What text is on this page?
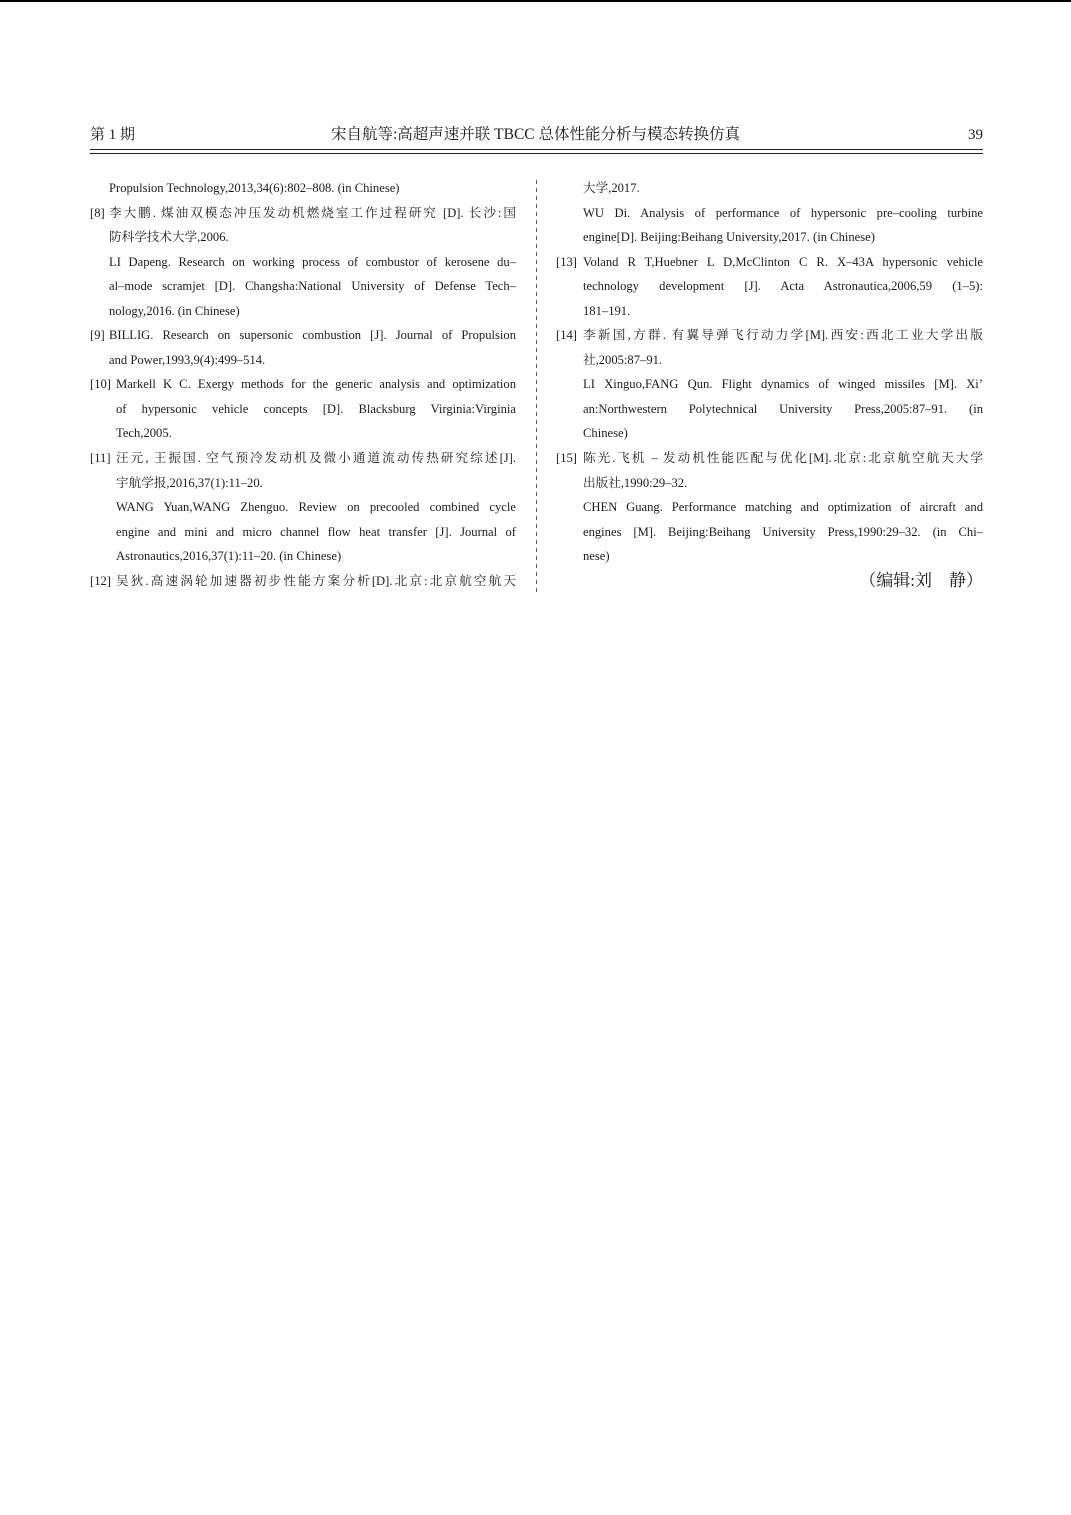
第 1 期	宋自航等:高超声速并联 TBCC 总体性能分析与模态转换仿真	39
Propulsion Technology,2013,34(6):802–808. (in Chinese)
[8] 李大鹏. 煤油双模态冲压发动机燃烧室工作过程研究 [D]. 长沙:国
防科学技术大学,2006.
LI Dapeng. Research on working process of combustor of kerosene du–
al–mode scramjet [D]. Changsha:National University of Defense Tech–
nology,2016. (in Chinese)
[9] BILLIG. Research on supersonic combustion [J]. Journal of Propulsion
and Power,1993,9(4):499–514.
[10] Markell K C. Exergy methods for the generic analysis and optimization
of hypersonic vehicle concepts [D]. Blacksburg Virginia:Virginia
Tech,2005.
[11] 汪元, 王振国. 空气预冷发动机及微小通道流动传热研究综述[J].
宇航学报,2016,37(1):11–20.
WANG Yuan,WANG Zhenguo. Review on precooled combined cycle
engine and mini and micro channel flow heat transfer [J]. Journal of
Astronautics,2016,37(1):11–20. (in Chinese)
[12] 吴狄.高速涡轮加速器初步性能方案分析[D].北京:北京航空航天
大学,2017.
WU Di. Analysis of performance of hypersonic pre–cooling turbine
engine[D]. Beijing:Beihang University,2017. (in Chinese)
[13] Voland R T,Huebner L D,McClinton C R. X–43A hypersonic vehicle
technology development [J]. Acta Astronautica,2006,59 (1–5):
181–191.
[14] 李新国,方群. 有翼导弹飞行动力学[M].西安:西北工业大学出版
社,2005:87–91.
LI Xinguo,FANG Qun. Flight dynamics of winged missiles [M]. Xi’
an:Northwestern Polytechnical University Press,2005:87–91. (in
Chinese)
[15] 陈光.飞机 – 发动机性能匹配与优化[M].北京:北京航空航天大学
出版社,1990:29–32.
CHEN Guang. Performance matching and optimization of aircraft and
engines [M]. Beijing:Beihang University Press,1990:29–32. (in Chi–
nese)
（编辑:刘　静）
